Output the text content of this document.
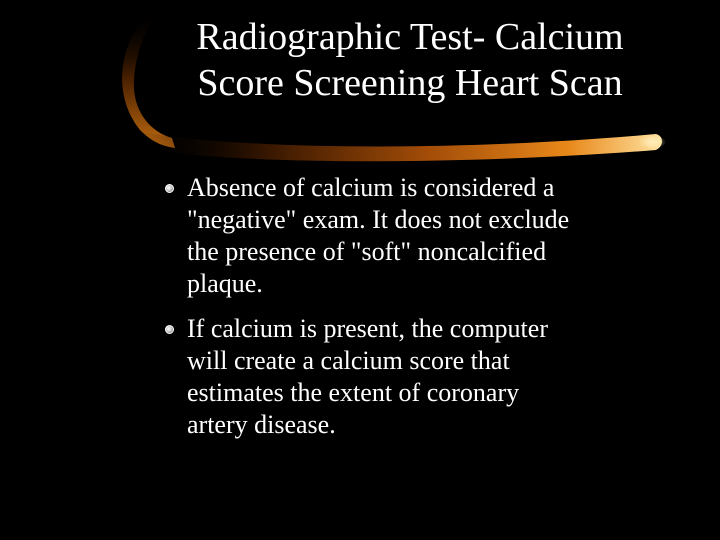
Radiographic Test- Calcium
Score Screening Heart Scan
Absence of calcium is considered a
"negative" exam. It does not exclude
the presence of "soft" noncalcified
plaque.
If calcium is present, the computer
will create a calcium score that
estimates the extent of coronary
artery disease.
